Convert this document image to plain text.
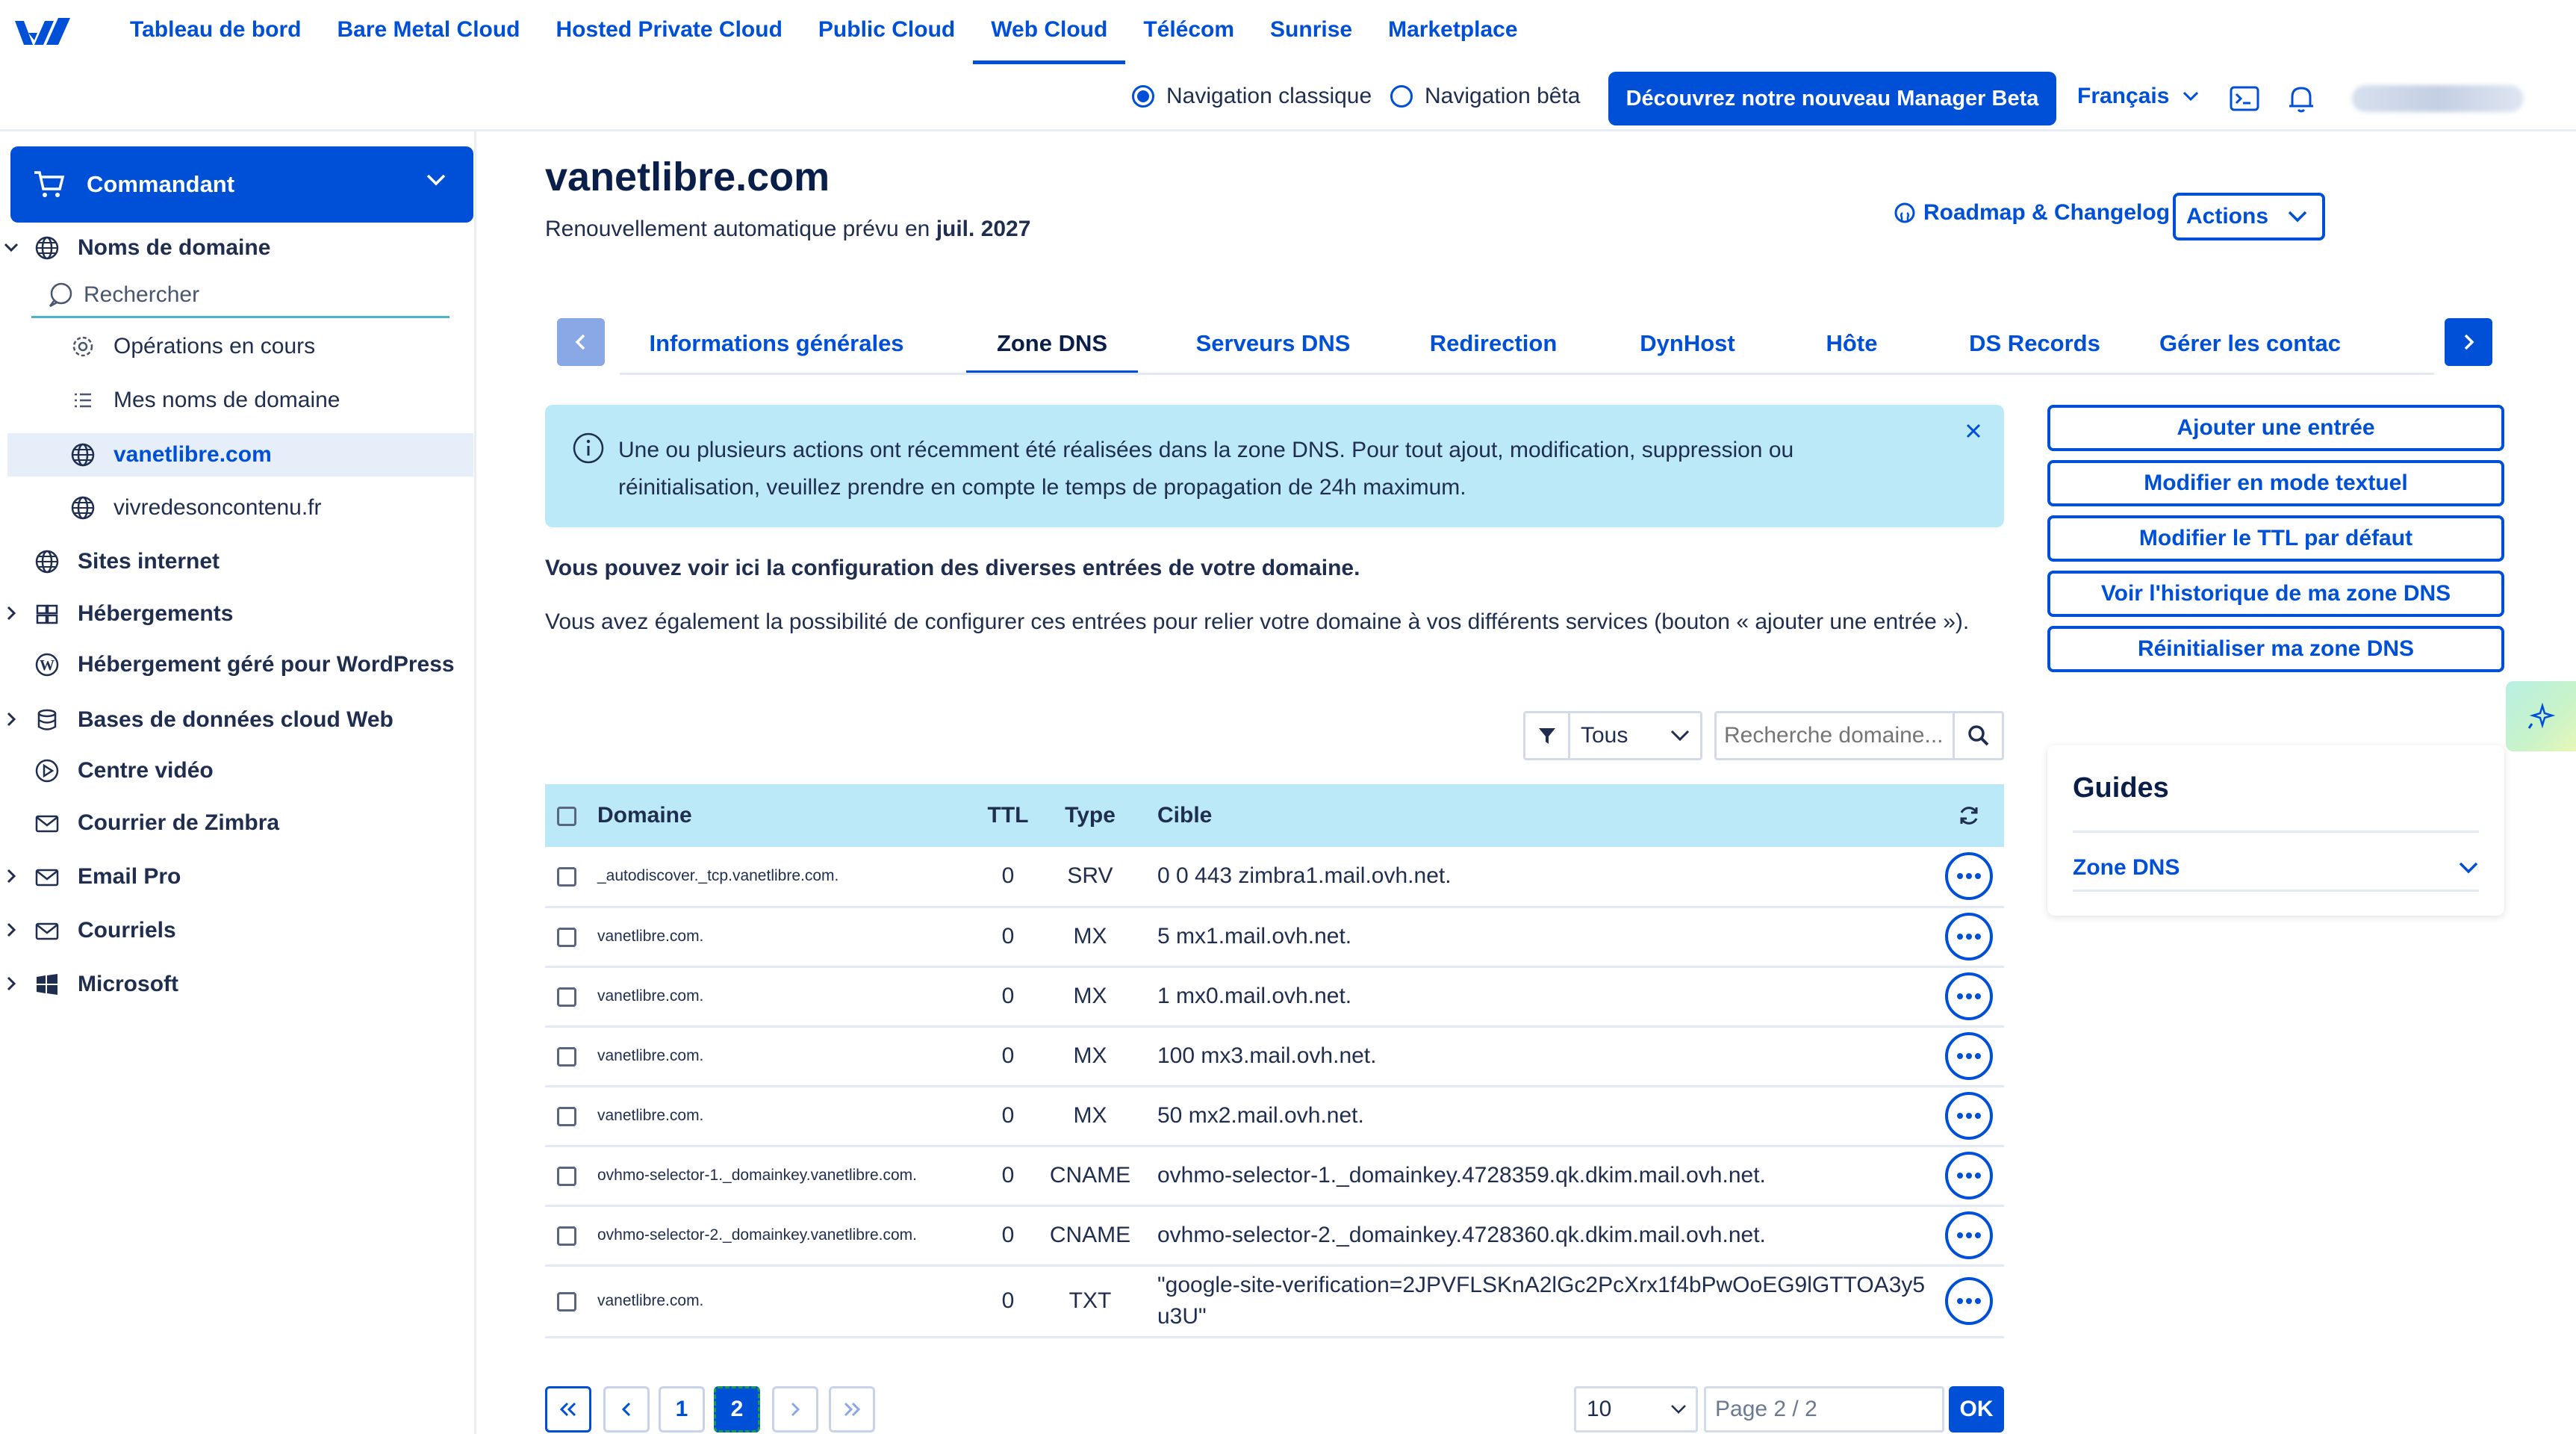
Tableau de bord	Bare Metal Cloud	Hosted Private Cloud	Public Cloud	Web Cloud	Télécom	Sunrise	Marketplace
Navigation classique Navigation bêta	Découvrez notre nouveau Manager Beta	Français
Commandant
Noms de domaine
Rechercher
Opérations en cours
Mes noms de domaine
vanetlibre.com
vivredesoncontenu.fr
Sites internet
Hébergements
W Hébergement géré pour WordPress
Bases de données cloud Web
Centre vidéo
Courrier de Zimbra
Email Pro
Courriels
Microsoft
vanetlibre.com
Renouvellement automatique prévu en juil. 2027
Roadmap & Changelog Actions
Informations générales	Zone DNS	Serveurs DNS	Redirection	DynHost	Hôte	DS Records	Gérer les contac
Une ou plusieurs actions ont récemment été réalisées dans la zone DNS. Pour tout ajout, modification, suppression ou
réinitialisation, veuillez prendre en compte le temps de propagation de 24h maximum.
Vous pouvez voir ici la configuration des diverses entrées de votre domaine.
Vous avez également la possibilité de configurer ces entrées pour relier votre domaine à vos différents services (bouton « ajouter une entrée »).
Tous
Recherche domaine...
	Domaine	TTL	Type	Cible	

	_autodiscover._tcp.vanetlibre.com.	0	SRV	0 0 443 zimbra1.mail.ovh.net.	

	vanetlibre.com.	0	MX	5 mx1.mail.ovh.net.	

	vanetlibre.com.	0	MX	1 mx0.mail.ovh.net.	

	vanetlibre.com.	0	MX	100 mx3.mail.ovh.net.	

	vanetlibre.com.	0	MX	50 mx2.mail.ovh.net.	

	ovhmo-selector-1._domainkey.vanetlibre.com.	0	CNAME	ovhmo-selector-1._domainkey.4728359.qk.dkim.mail.ovh.net.	

	ovhmo-selector-2._domainkey.vanetlibre.com.	0	CNAME	ovhmo-selector-2._domainkey.4728360.qk.dkim.mail.ovh.net.	

	vanetlibre.com.	0	TXT	"google-site-verification=2JPVFLSKnA2lGc2PcXrx1f4bPwOoEG9lGTTOA3y5u3U"	
1	2	10	Page 2 / 2	OK
Ajouter une entrée
Modifier en mode textuel
Modifier le TTL par défaut
Voir l'historique de ma zone DNS
Réinitialiser ma zone DNS
Guides
Zone DNS
